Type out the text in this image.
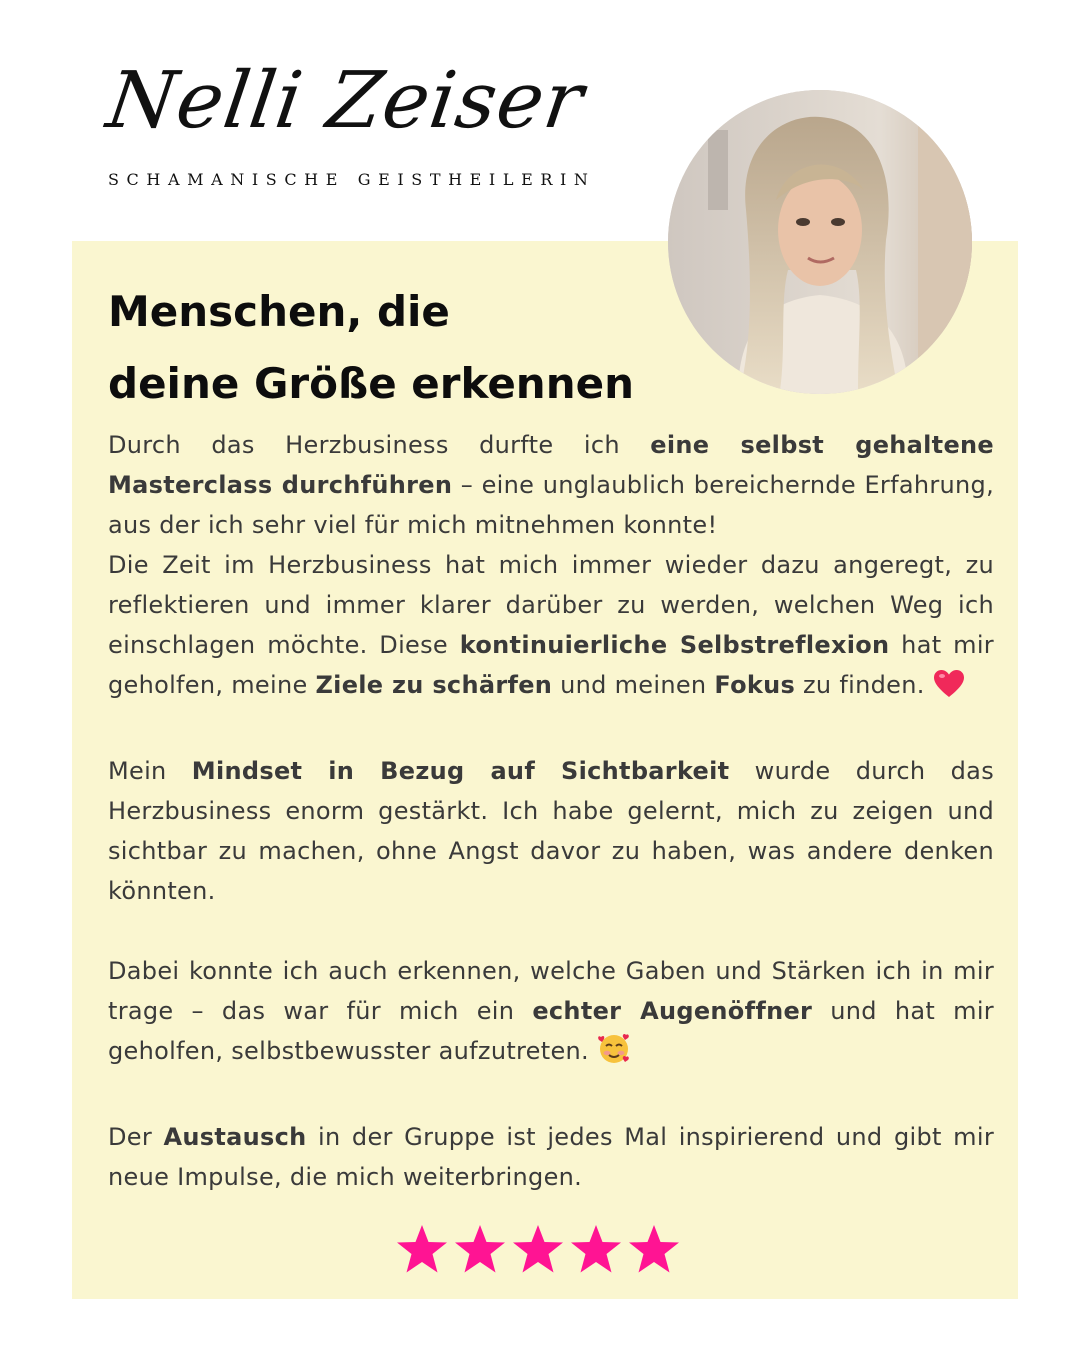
Nelli Zeiser
SCHAMANISCHE GEISTHEILERIN
Menschen, die
deine Größe erkennen

Durch das Herzbusiness durfte ich eine selbst gehaltene Masterclass durchführen – eine unglaublich bereichernde Erfahrung, aus der ich sehr viel für mich mitnehmen konnte!

Die Zeit im Herzbusiness hat mich immer wieder dazu angeregt, zu reflektieren und immer klarer darüber zu werden, welchen Weg ich einschlagen möchte. Diese kontinuierliche Selbstreflexion hat mir geholfen, meine Ziele zu schärfen und meinen Fokus zu finden.

Mein Mindset in Bezug auf Sichtbarkeit wurde durch das Herzbusiness enorm gestärkt. Ich habe gelernt, mich zu zeigen und sichtbar zu machen, ohne Angst davor zu haben, was andere denken könnten.

Dabei konnte ich auch erkennen, welche Gaben und Stärken ich in mir trage – das war für mich ein echter Augenöffner und hat mir geholfen, selbstbewusster aufzutreten.

Der Austausch in der Gruppe ist jedes Mal inspirierend und gibt mir neue Impulse, die mich weiterbringen.
